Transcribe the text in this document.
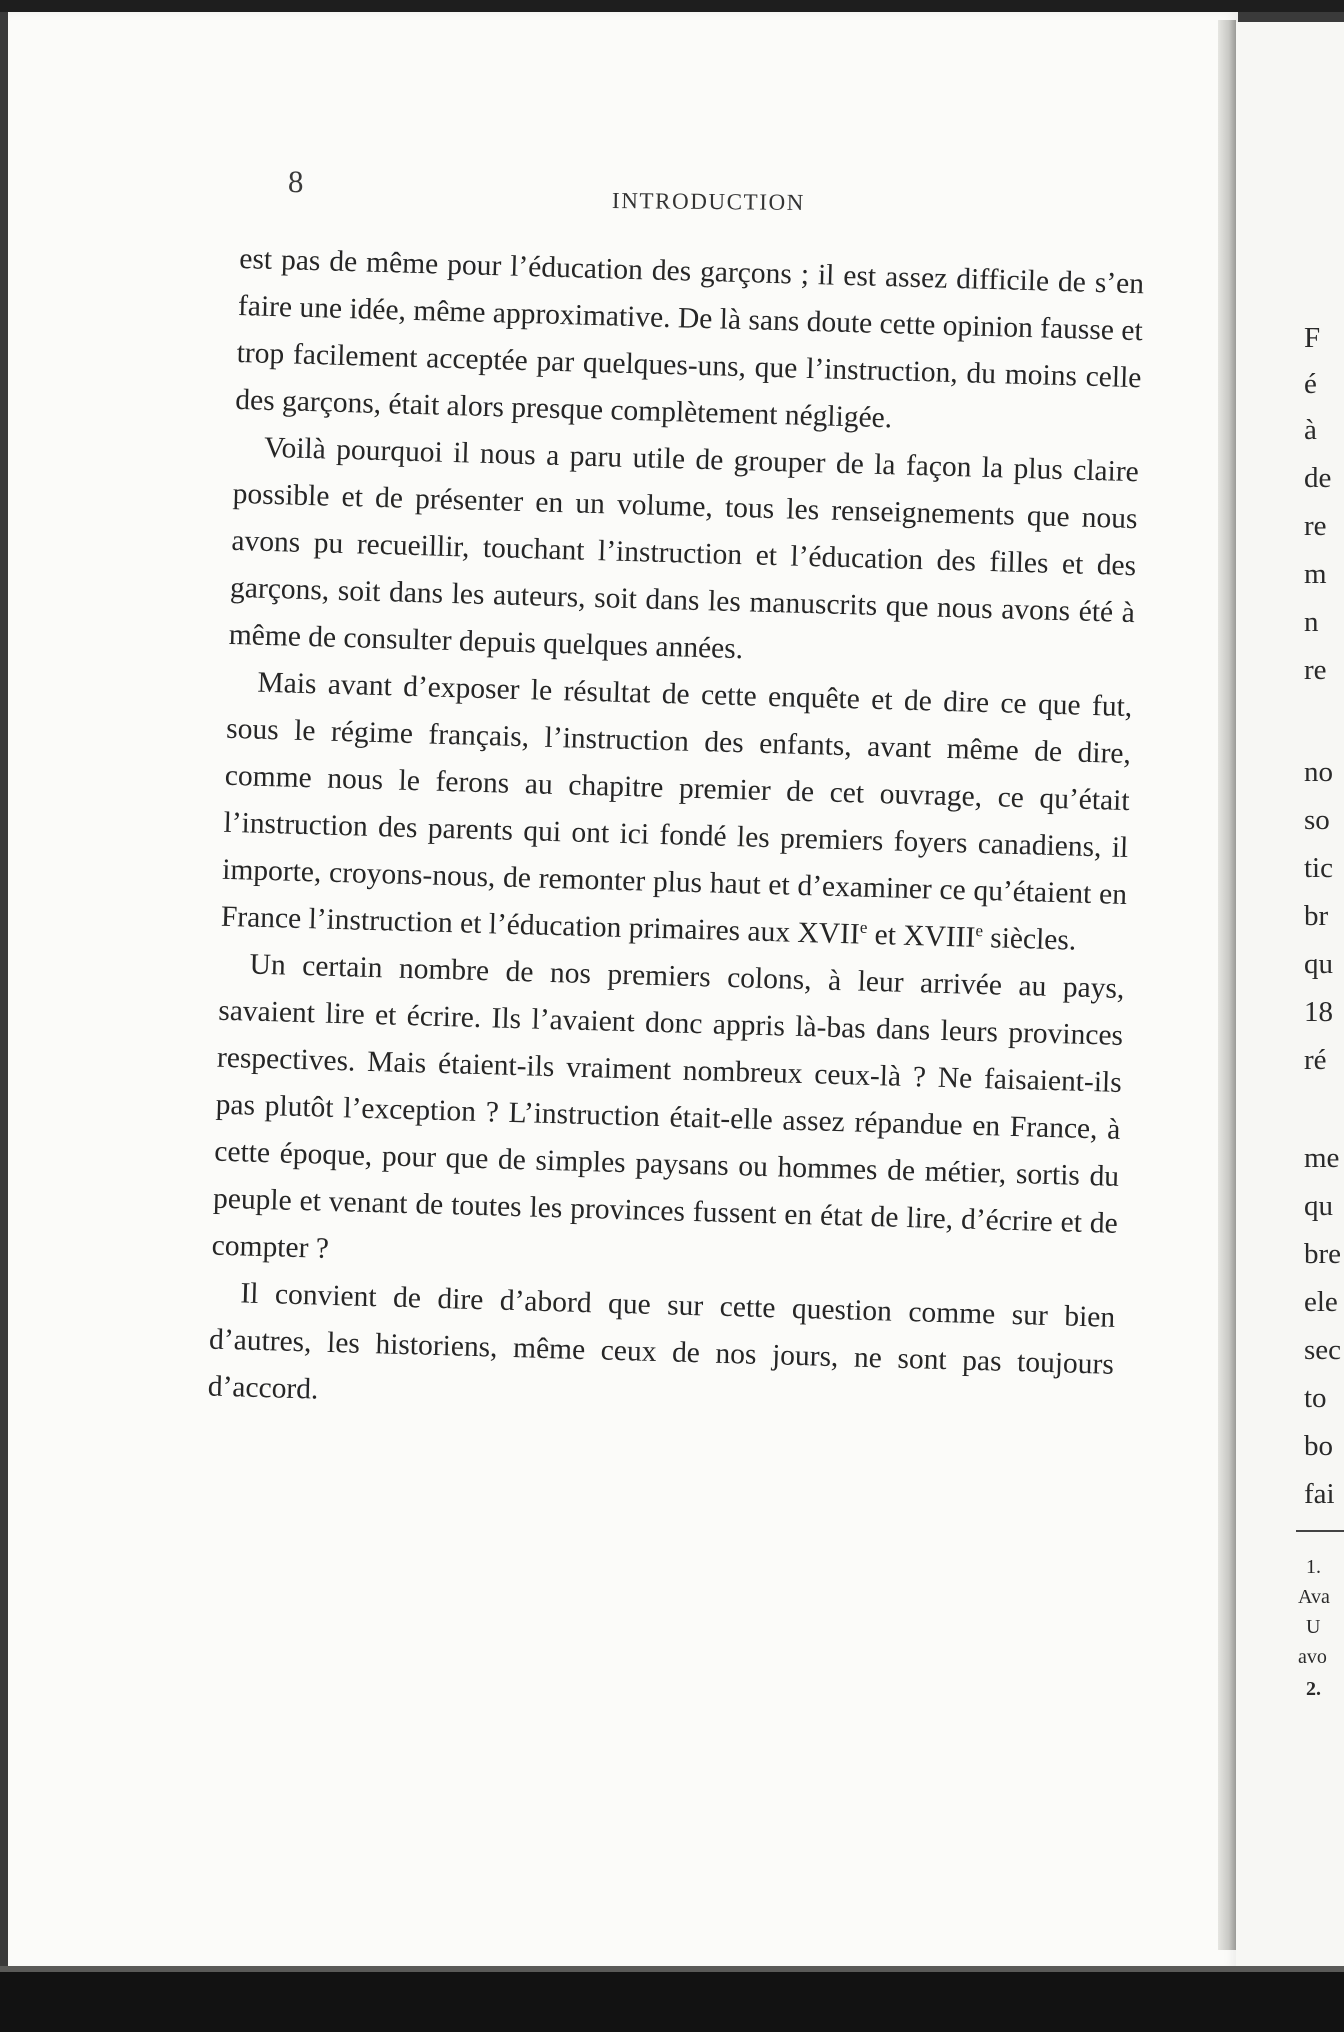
8
INTRODUCTION

est pas de même pour l’éducation des garçons ; il est assez difficile de s’en faire une idée, même approximative. De là sans doute cette opinion fausse et trop facilement acceptée par quelques-uns, que l’instruction, du moins celle des garçons, était alors presque complètement négligée.

Voilà pourquoi il nous a paru utile de grouper de la façon la plus claire possible et de présenter en un volume, tous les renseignements que nous avons pu recueillir, touchant l’instruction et l’éducation des filles et des garçons, soit dans les auteurs, soit dans les manuscrits que nous avons été à même de consulter depuis quelques années.

Mais avant d’exposer le résultat de cette enquête et de dire ce que fut, sous le régime français, l’instruction des enfants, avant même de dire, comme nous le ferons au chapitre premier de cet ouvrage, ce qu’était l’instruction des parents qui ont ici fondé les premiers foyers canadiens, il importe, croyons-nous, de remonter plus haut et d’examiner ce qu’étaient en France l’instruction et l’éducation primaires aux XVIIe et XVIIIe siècles.

Un certain nombre de nos premiers colons, à leur arrivée au pays, savaient lire et écrire. Ils l’avaient donc appris là-bas dans leurs provinces respectives. Mais étaient-ils vraiment nombreux ceux-là ? Ne faisaient-ils pas plutôt l’exception ? L’instruction était-elle assez répandue en France, à cette époque, pour que de simples paysans ou hommes de métier, sortis du peuple et venant de toutes les provinces fussent en état de lire, d’écrire et de compter ?

Il convient de dire d’abord que sur cette question comme sur bien d’autres, les historiens, même ceux de nos jours, ne sont pas toujours d’accord.

F
é
à
de
re
m
n
re
no
so
tic
br
qu
18
ré
me
qu
bre
ele
sec
to
bo
fai
1.
Ava
U
avo
2.
